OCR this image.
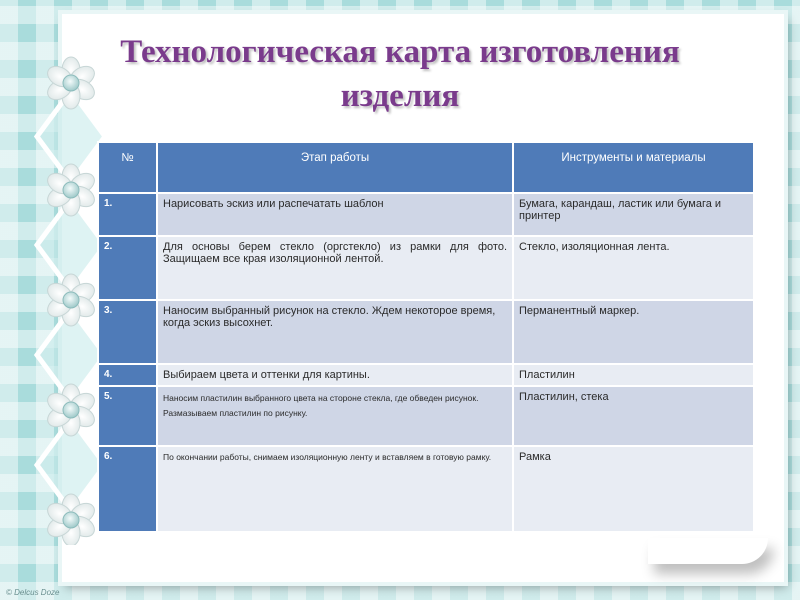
Технологическая карта изготовления
изделия
№	Этап работы	Инструменты и материалы
1.	Нарисовать эскиз или распечатать шаблон	Бумага, карандаш, ластик или бумага и принтер
2.	Для основы берем стекло (оргстекло) из рамки для фото. Защищаем все края изоляционной лентой.	Стекло, изоляционная лента.
3.	Наносим выбранный рисунок на стекло. Ждем некоторое время, когда эскиз высохнет.	Перманентный маркер.
4.	Выбираем цвета и оттенки для картины.	Пластилин
5.	Наносим пластилин выбранного цвета на стороне стекла, где обведен рисунок. Размазываем пластилин по рисунку.	Пластилин, стека
6.	По окончании работы, снимаем изоляционную ленту и вставляем в готовую рамку.	Рамка
© Delcus Doze
